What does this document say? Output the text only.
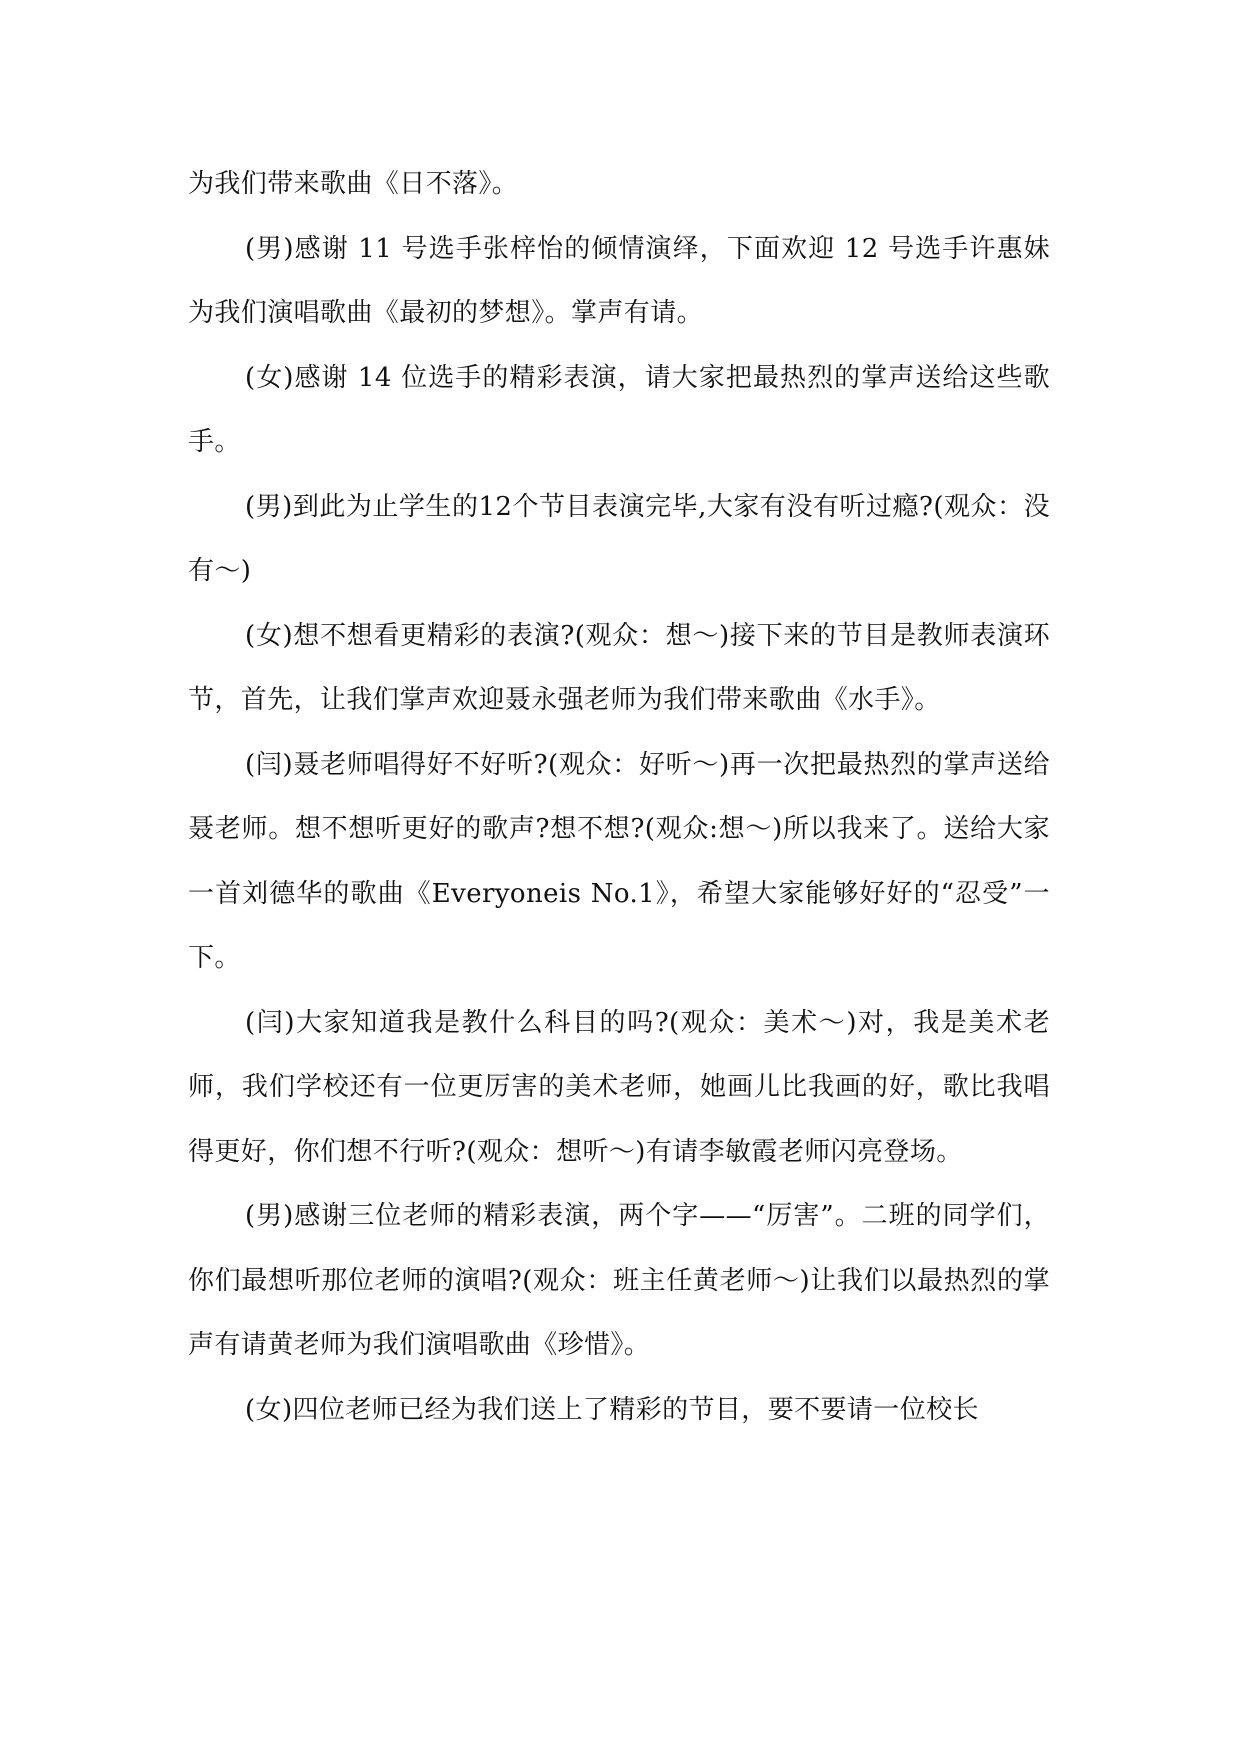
为我们带来歌曲《日不落》。

(男)感谢 11 号选手张梓怡的倾情演绎，下面欢迎 12 号选手许惠妹为我们演唱歌曲《最初的梦想》。掌声有请。

(女)感谢 14 位选手的精彩表演，请大家把最热烈的掌声送给这些歌手。

(男)到此为止学生的12个节目表演完毕,大家有没有听过瘾?(观众：没有～)

(女)想不想看更精彩的表演?(观众：想～)接下来的节目是教师表演环节，首先，让我们掌声欢迎聂永强老师为我们带来歌曲《水手》。

(闫)聂老师唱得好不好听?(观众：好听～)再一次把最热烈的掌声送给聂老师。想不想听更好的歌声?想不想?(观众:想～)所以我来了。送给大家一首刘德华的歌曲《Everyoneis No.1》，希望大家能够好好的“忍受”一下。

(闫)大家知道我是教什么科目的吗?(观众：美术～)对，我是美术老师，我们学校还有一位更厉害的美术老师，她画儿比我画的好，歌比我唱得更好，你们想不行听?(观众：想听～)有请李敏霞老师闪亮登场。

(男)感谢三位老师的精彩表演，两个字——“厉害”。二班的同学们，你们最想听那位老师的演唱?(观众：班主任黄老师～)让我们以最热烈的掌声有请黄老师为我们演唱歌曲《珍惜》。

(女)四位老师已经为我们送上了精彩的节目，要不要请一位校长
